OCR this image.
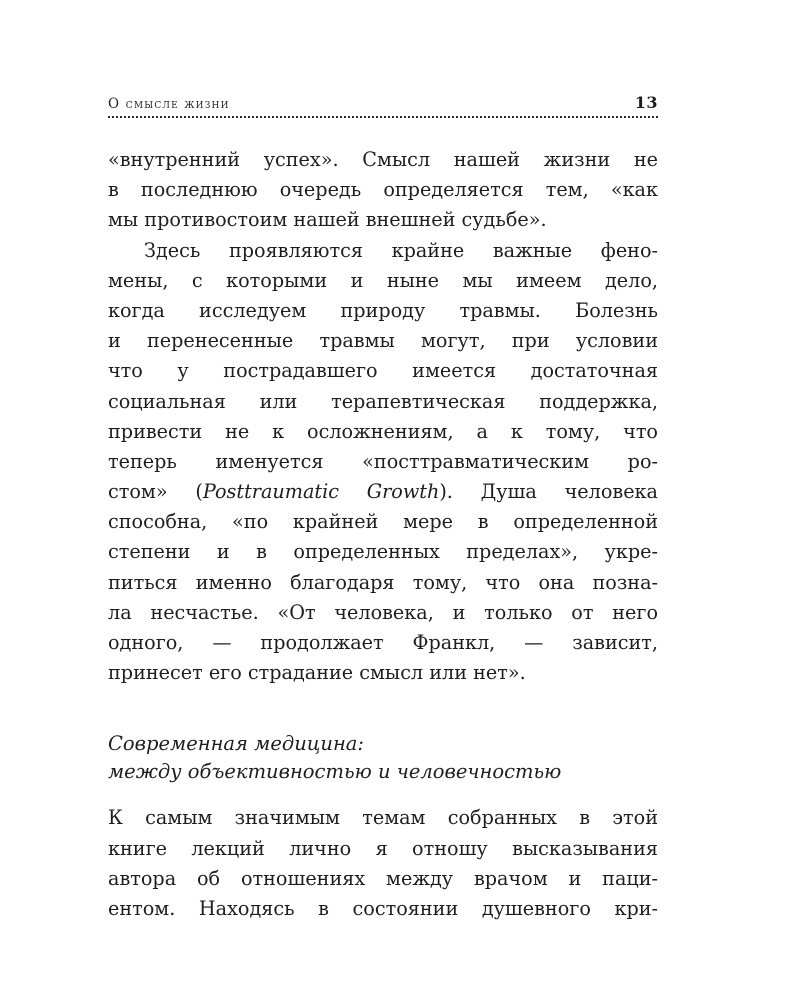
О смысле жизни	13
«внутренний успех». Смысл нашей жизни не
в последнюю очередь определяется тем, «как
мы противостоим нашей внешней судьбе».
Здесь проявляются крайне важные фено-
мены, с которыми и ныне мы имеем дело,
когда исследуем природу травмы. Болезнь
и перенесенные травмы могут, при условии
что у пострадавшего имеется достаточная
социальная или терапевтическая поддержка,
привести не к осложнениям, а к тому, что
теперь именуется «посттравматическим ро-
стом» (Posttraumatic Growth). Душа человека
способна, «по крайней мере в определенной
степени и в определенных пределах», укре-
питься именно благодаря тому, что она позна-
ла несчастье. «От человека, и только от него
одного, — продолжает Франкл, — зависит,
принесет его страдание смысл или нет».
Современная медицина:
между объективностью и человечностью
К самым значимым темам собранных в этой
книге лекций лично я отношу высказывания
автора об отношениях между врачом и паци-
ентом. Находясь в состоянии душевного кри-
